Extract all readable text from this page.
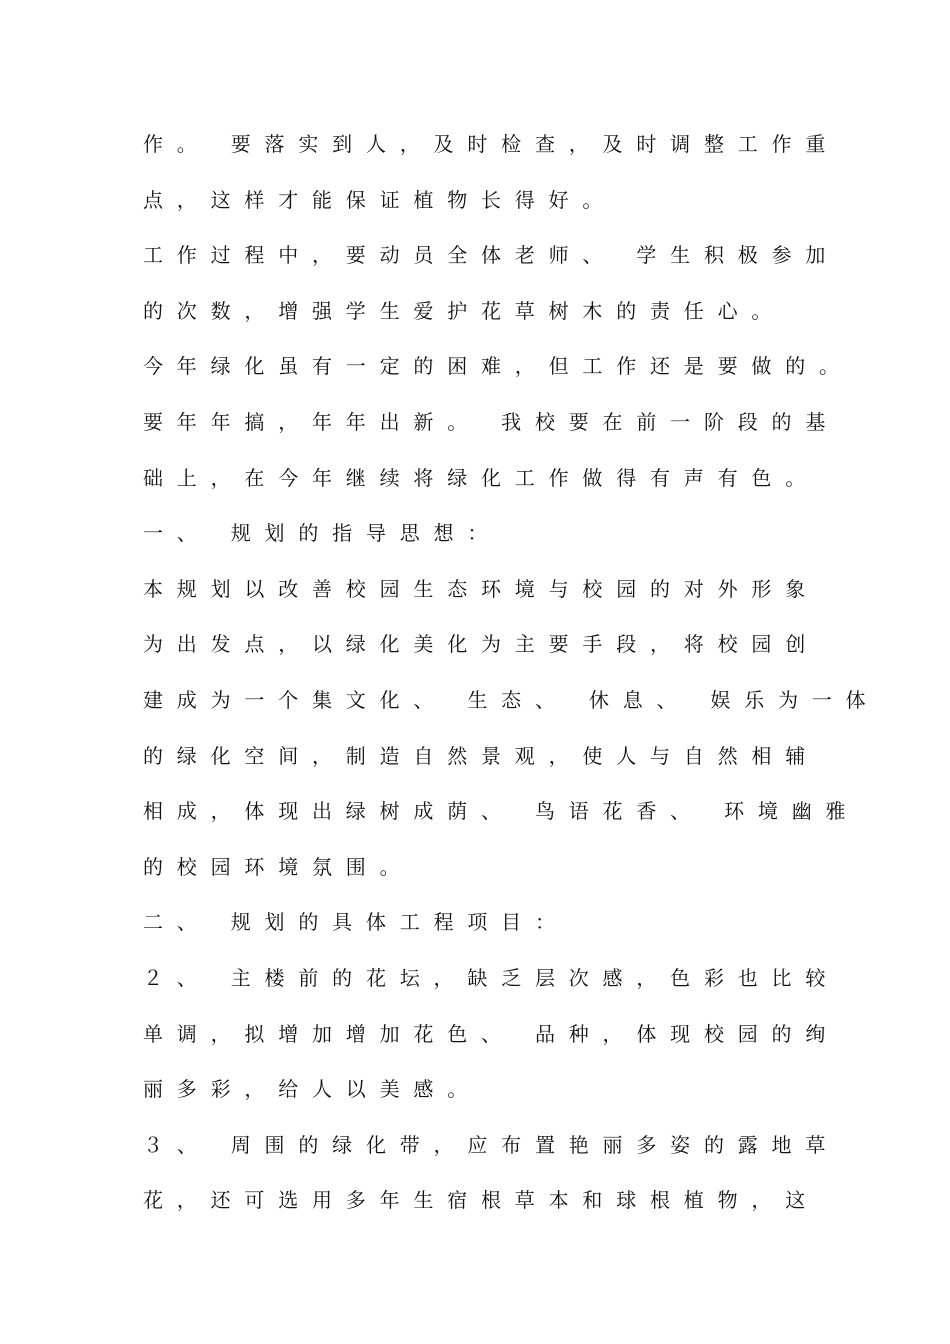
作。 要落实到人，及时检查，及时调整工作重
点，这样才能保证植物长得好。
工作过程中，要动员全体老师、 学生积极参加
的次数，增强学生爱护花草树木的责任心。
今年绿化虽有一定的困难，但工作还是要做的。
要年年搞，年年出新。 我校要在前一阶段的基
础上，在今年继续将绿化工作做得有声有色。
一、 规划的指导思想：
本规划以改善校园生态环境与校园的对外形象
为出发点，以绿化美化为主要手段，将校园创
建成为一个集文化、 生态、 休息、 娱乐为一体
的绿化空间，制造自然景观，使人与自然相辅
相成，体现出绿树成荫、 鸟语花香、 环境幽雅
的校园环境氛围。
二、 规划的具体工程项目：
２、 主楼前的花坛，缺乏层次感，色彩也比较
单调，拟增加增加花色、 品种，体现校园的绚
丽多彩，给人以美感。
３、 周围的绿化带，应布置艳丽多姿的露地草
花，还可选用多年生宿根草本和球根植物，这
